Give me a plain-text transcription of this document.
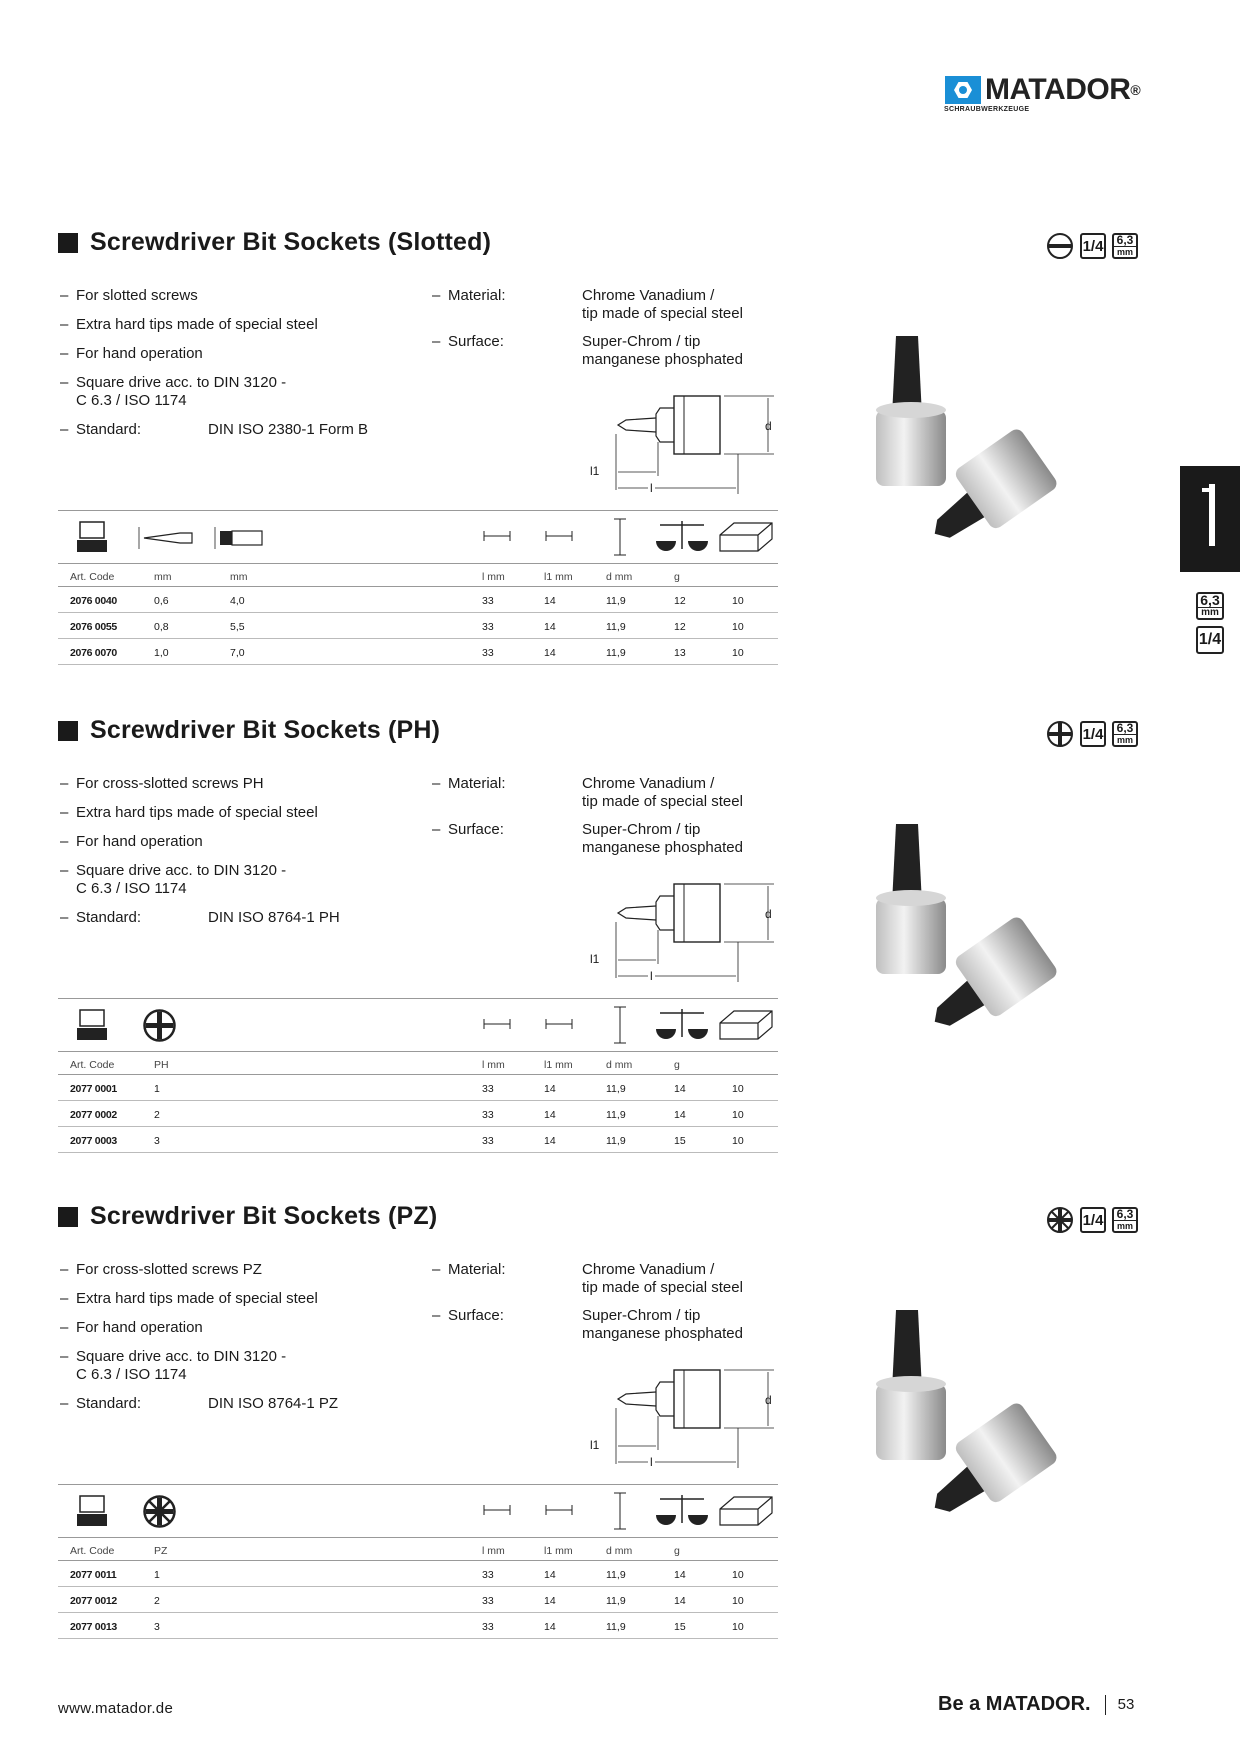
MATADOR®
SCHRAUBWERKZEUGE
6,3
mm
1/4
Screwdriver Bit Sockets (Slotted)	1/4 6,3
mm
– For slotted screws
– Extra hard tips made of special steel
– For hand operation
– Square drive acc. to DIN 3120 -
C 6.3 / ISO 1174
– Standard:	DIN ISO 2380-1 Form B
– Material:	Chrome Vanadium /
tip made of special steel
– Surface:	Super-Chrom / tip
manganese phosphated
d
l1
l
Art. Code	mm	mm	l mm	l1 mm	d mm	g
2076 0040	0,6	4,0	33	14	11,9	12	10
2076 0055	0,8	5,5	33	14	11,9	12	10
2076 0070	1,0	7,0	33	14	11,9	13	10
Screwdriver Bit Sockets (PH)	1/4 6,3
mm
– For cross-slotted screws PH
– Extra hard tips made of special steel
– For hand operation
– Square drive acc. to DIN 3120 -
C 6.3 / ISO 1174
– Standard:	DIN ISO 8764-1 PH
– Material:	Chrome Vanadium /
tip made of special steel
– Surface:	Super-Chrom / tip
manganese phosphated
d
l1
l
Art. Code	PH	l mm	l1 mm	d mm	g
2077 0001	1	33	14	11,9	14	10
2077 0002	2	33	14	11,9	14	10
2077 0003	3	33	14	11,9	15	10
Screwdriver Bit Sockets (PZ)	1/4 6,3
mm
– For cross-slotted screws PZ
– Extra hard tips made of special steel
– For hand operation
– Square drive acc. to DIN 3120 -
C 6.3 / ISO 1174
– Standard:	DIN ISO 8764-1 PZ
– Material:	Chrome Vanadium /
tip made of special steel
– Surface:	Super-Chrom / tip
manganese phosphated
d
l1
l
Art. Code	PZ	l mm	l1 mm	d mm	g
2077 0011	1	33	14	11,9	14	10
2077 0012	2	33	14	11,9	14	10
2077 0013	3	33	14	11,9	15	10
www.matador.de	Be a MATADOR. 53
